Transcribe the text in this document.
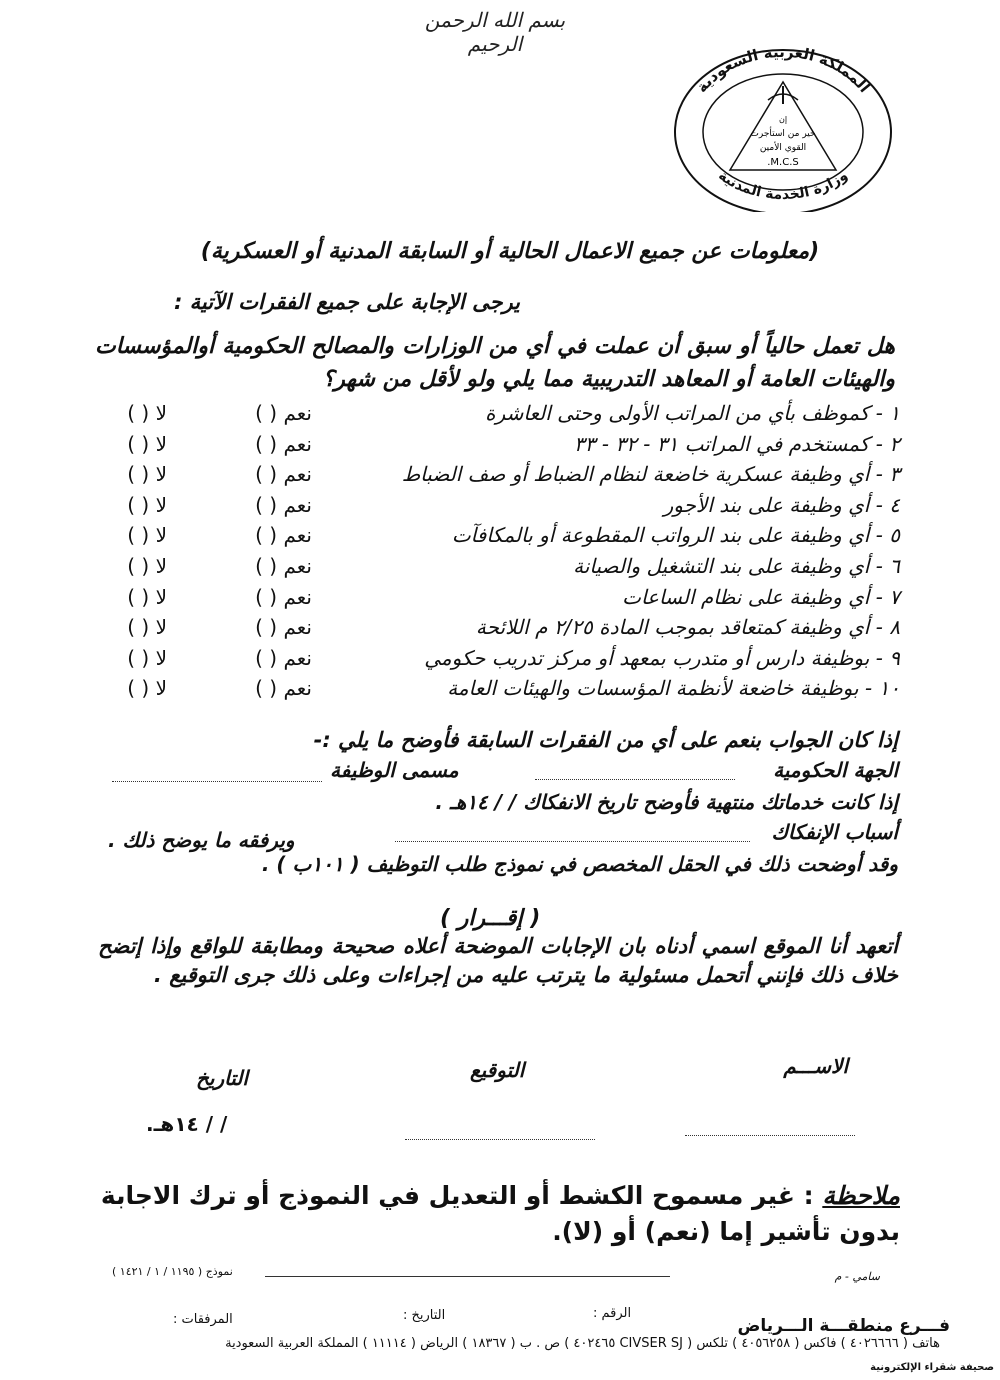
بسم الله الرحمن الرحيم
المملكة العربية السعودية
وزارة الخدمة المدنية
إن
خير من استأجرت
القوي الأمين
M.C.S.
(معلومات عن جميع الاعمال الحالية أو السابقة المدنية أو العسكرية)
يرجى الإجابة على جميع الفقرات الآتية :
هل تعمل حالياً أو سبق أن عملت في أي من الوزارات والمصالح الحكومية أوالمؤسسات والهيئات العامة أو المعاهد التدريبية مما يلي ولو لأقل من شهر؟
١ - كموظف بأي من المراتب الأولى وحتى العاشرة
نعم ( )
لا ( )
٢ - كمستخدم في المراتب ٣١ - ٣٢ - ٣٣
نعم ( )
لا ( )
٣ - أي وظيفة عسكرية خاضعة لنظام الضباط أو صف الضباط
نعم ( )
لا ( )
٤ - أي وظيفة على بند الأجور
نعم ( )
لا ( )
٥ - أي وظيفة على بند الرواتب المقطوعة أو بالمكافآت
نعم ( )
لا ( )
٦ - أي وظيفة على بند التشغيل والصيانة
نعم ( )
لا ( )
٧ - أي وظيفة على نظام الساعات
نعم ( )
لا ( )
٨ - أي وظيفة كمتعاقد بموجب المادة ٢/٢٥ م اللائحة
نعم ( )
لا ( )
٩ - بوظيفة دارس أو متدرب بمعهد أو مركز تدريب حكومي
نعم ( )
لا ( )
١٠ - بوظيفة خاضعة لأنظمة المؤسسات والهيئات العامة
نعم ( )
لا ( )
إذا كان الجواب بنعم على أي من الفقرات السابقة فأوضح ما يلي :-
الجهة الحكومية
مسمى الوظيفة
إذا كانت خدماتك منتهية فأوضح تاريخ الانفكاك / / ١٤هـ .
أسباب الإنفكاك
ويرفقه ما يوضح ذلك .
وقد أوضحت ذلك في الحقل المخصص في نموذج طلب التوظيف ( ١٠١ب ) .
( إقـــرار )
أتعهد أنا الموقع اسمي أدناه بان الإجابات الموضحة أعلاه صحيحة ومطابقة للواقع وإذا إتضح خلاف ذلك فإنني أتحمل مسئولية ما يترتب عليه من إجراءات وعلى ذلك جرى التوقيع .
الاســـم
التوقيع
التاريخ
/ / ١٤هـ.
ملاحظة : غير مسموح الكشط أو التعديل في النموذج أو ترك الاجابة بدون تأشير إما (نعم) أو (لا).
نموذج ( ١١٩٥ / ١ / ١٤٢١ )	سامي - م
فـــرع منطقـــة الـــرياض
الرقم :
التاريخ :
المرفقات :
هاتف ( ٤٠٢٦٦٦٦ ) فاكس ( ٤٠٥٦٢٥٨ ) تلكس ( CIVSER SJ ٤٠٢٤٦٥ ) ص . ب ( ١٨٣٦٧ ) الرياض ( ١١١١٤ ) المملكة العربية السعودية
صحيفة شقراء الإلكترونية
